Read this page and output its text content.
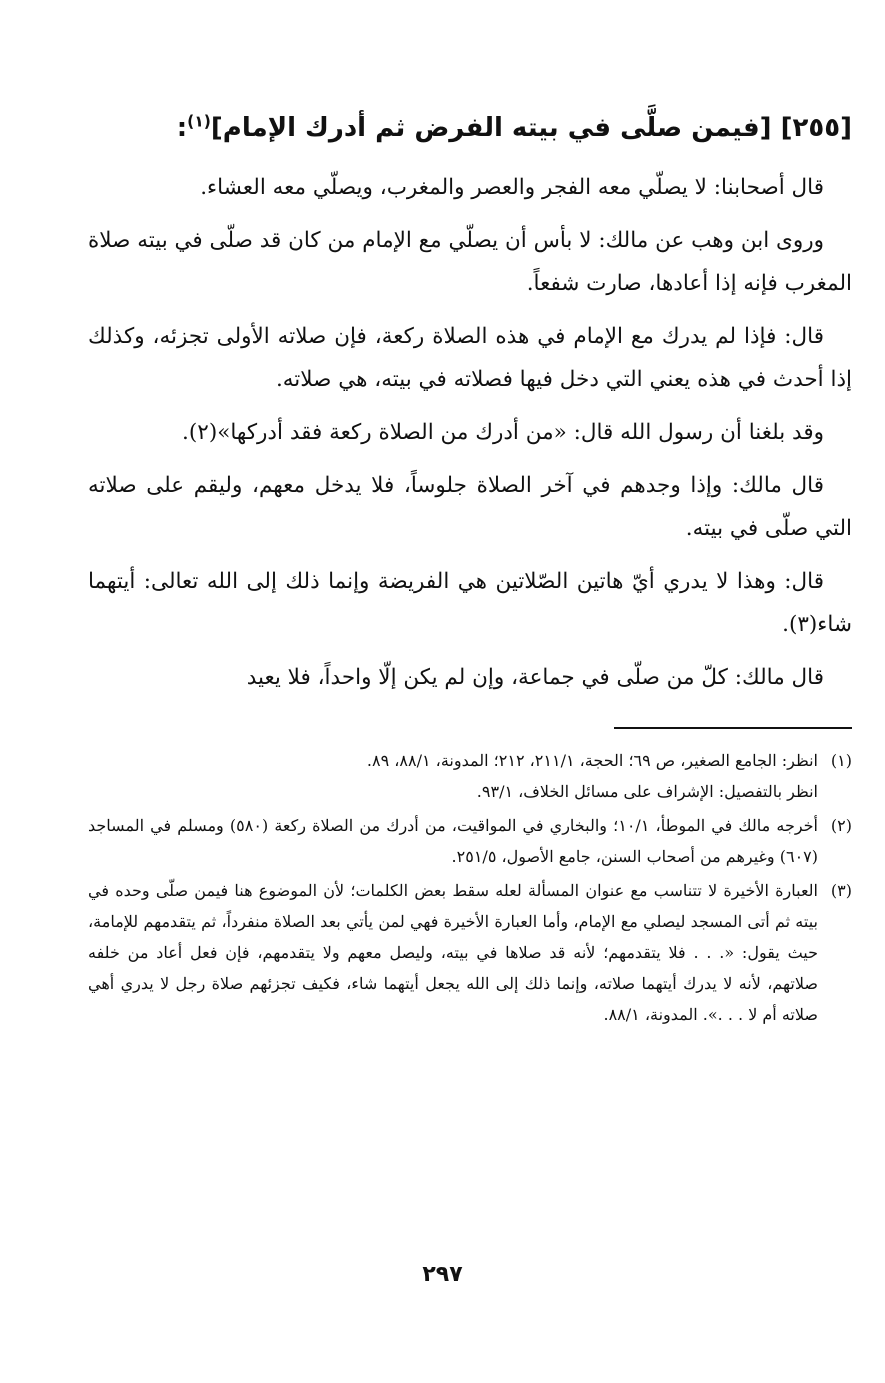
[٢٥٥] [فيمن صلَّى في بيته الفرض ثم أدرك الإمام]$^{(١)}$:

قال أصحابنا: لا يصلّي معه الفجر والعصر والمغرب، ويصلّي معه العشاء.

وروى ابن وهب عن مالك: لا بأس أن يصلّي مع الإمام من كان قد صلّى في بيته صلاة المغرب فإنه إذا أعادها، صارت شفعاً.

قال: فإذا لم يدرك مع الإمام في هذه الصلاة ركعة، فإن صلاته الأولى تجزئه، وكذلك إذا أحدث في هذه يعني التي دخل فيها فصلاته في بيته، هي صلاته.

وقد بلغنا أن رسول الله قال: «من أدرك من الصلاة ركعة فقد أدركها»(٢).

قال مالك: وإذا وجدهم في آخر الصلاة جلوساً، فلا يدخل معهم، وليقم على صلاته التي صلّى في بيته.

قال: وهذا لا يدري أيّ هاتين الصّلاتين هي الفريضة وإنما ذلك إلى الله تعالى: أيتهما شاء(٣).

قال مالك: كلّ من صلّى في جماعة، وإن لم يكن إلّا واحداً، فلا يعيد

(١)
انظر: الجامع الصغير، ص ٦٩؛ الحجة، ٢١١/١، ٢١٢؛ المدونة، ٨٨/١، ٨٩.
انظر بالتفصيل: الإشراف على مسائل الخلاف، ٩٣/١.
(٢)
أخرجه مالك في الموطأ، ١٠/١؛ والبخاري في المواقيت، من أدرك من الصلاة ركعة (٥٨٠) ومسلم في المساجد (٦٠٧) وغيرهم من أصحاب السنن، جامع الأصول، ٢٥١/٥.
(٣)
العبارة الأخيرة لا تتناسب مع عنوان المسألة لعله سقط بعض الكلمات؛ لأن الموضوع هنا فيمن صلّى وحده في بيته ثم أتى المسجد ليصلي مع الإمام، وأما العبارة الأخيرة فهي لمن يأتي بعد الصلاة منفرداً، ثم يتقدمهم للإمامة، حيث يقول: «. . . فلا يتقدمهم؛ لأنه قد صلاها في بيته، وليصل معهم ولا يتقدمهم، فإن فعل أعاد من خلفه صلاتهم، لأنه لا يدرك أيتهما صلاته، وإنما ذلك إلى الله يجعل أيتهما شاء، فكيف تجزئهم صلاة رجل لا يدري أهي صلاته أم لا . . .». المدونة، ٨٨/١.
٢٩٧
